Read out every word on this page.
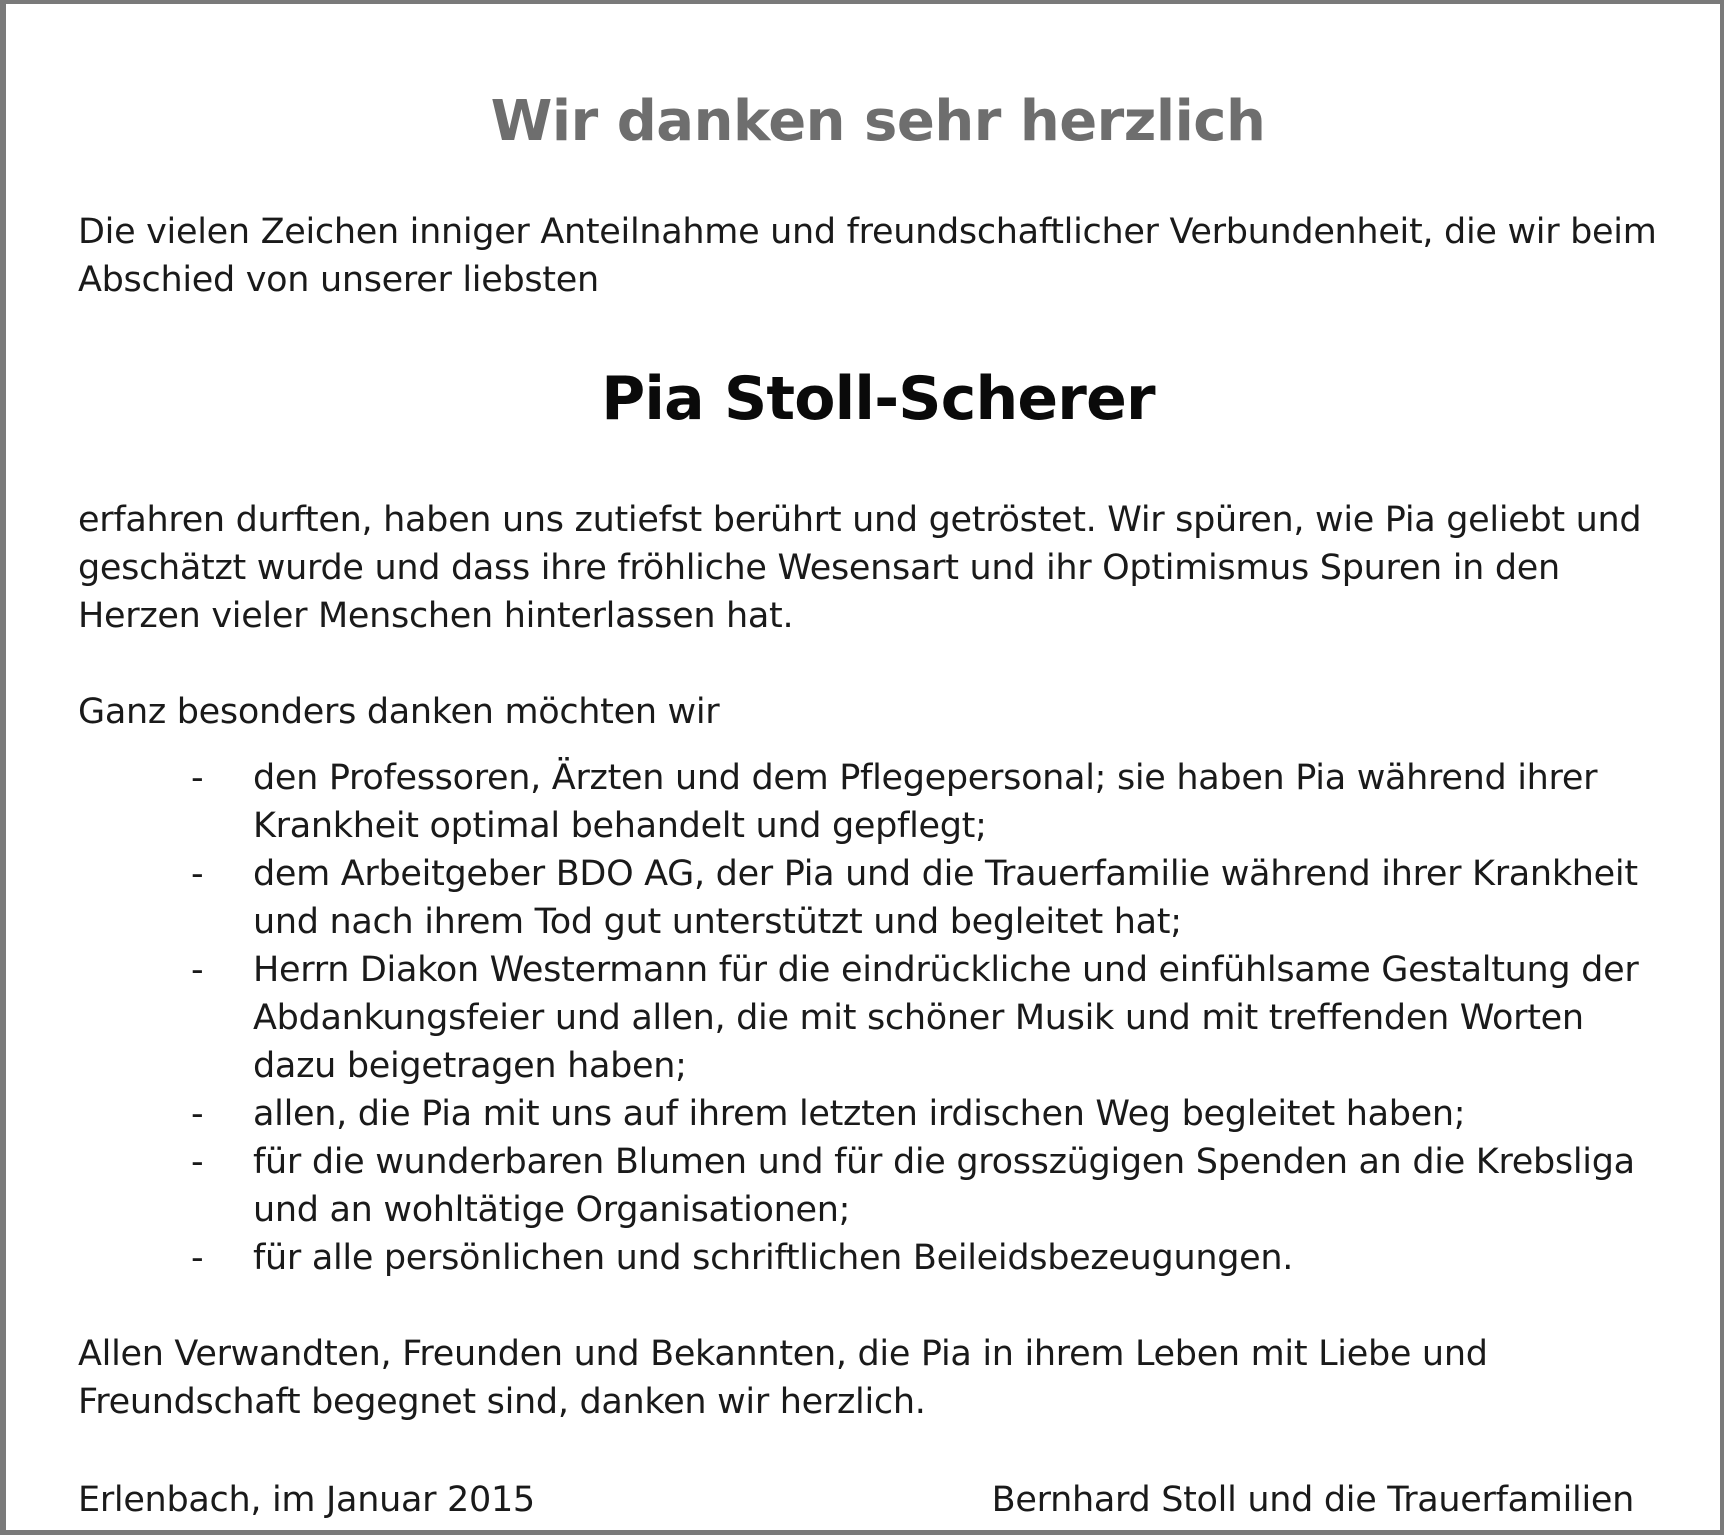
Wir danken sehr herzlich

Die vielen Zeichen inniger Anteilnahme und freundschaftlicher Verbundenheit, die wir beim Abschied von unserer liebsten

Pia Stoll-Scherer

erfahren durften, haben uns zutiefst berührt und getröstet. Wir spüren, wie Pia geliebt und geschätzt wurde und dass ihre fröhliche Wesensart und ihr Optimismus Spuren in den Herzen vieler Menschen hinterlassen hat.

Ganz besonders danken möchten wir

- den Professoren, Ärzten und dem Pflegepersonal; sie haben Pia während ihrer Krankheit optimal behandelt und gepflegt;
- dem Arbeitgeber BDO AG, der Pia und die Trauerfamilie während ihrer Krankheit und nach ihrem Tod gut unterstützt und begleitet hat;
- Herrn Diakon Westermann für die eindrückliche und einfühlsame Gestaltung der Abdankungsfeier und allen, die mit schöner Musik und mit treffenden Worten dazu beigetragen haben;
- allen, die Pia mit uns auf ihrem letzten irdischen Weg begleitet haben;
- für die wunderbaren Blumen und für die grosszügigen Spenden an die Krebsliga und an wohltätige Organisationen;
- für alle persönlichen und schriftlichen Beileidsbezeugungen.

Allen Verwandten, Freunden und Bekannten, die Pia in ihrem Leben mit Liebe und Freundschaft begegnet sind, danken wir herzlich.

Erlenbach, im Januar 2015	Bernhard Stoll und die Trauerfamilien
